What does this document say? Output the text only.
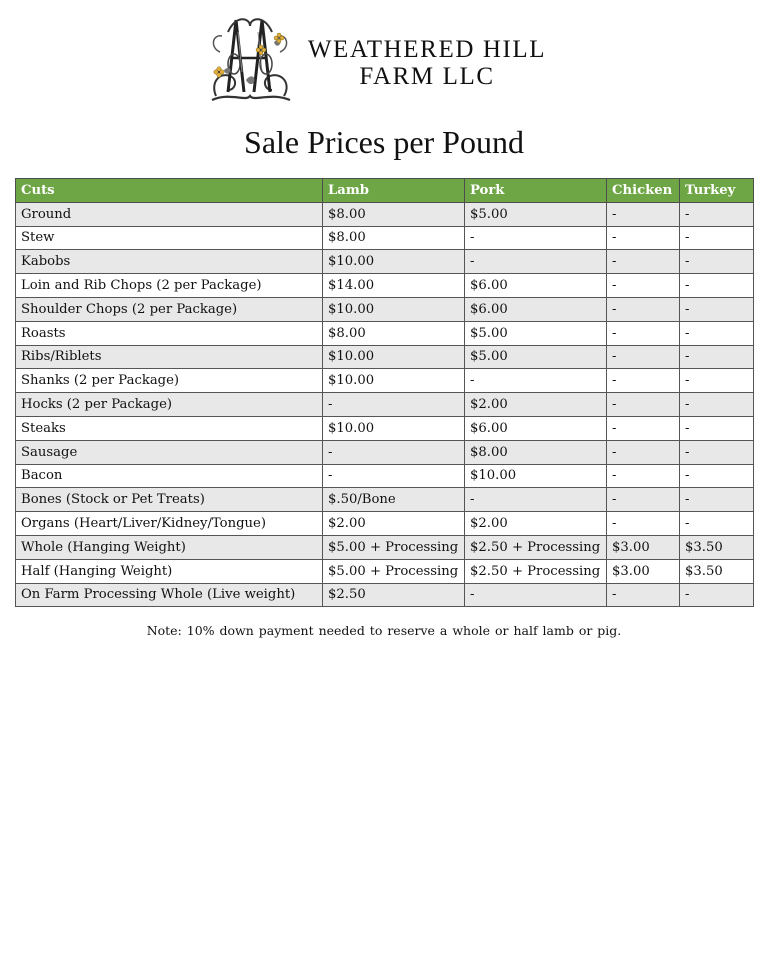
WEATHERED HILL
FARM LLC
Sale Prices per Pound
Cuts	Lamb	Pork	Chicken	Turkey
Ground	$8.00	$5.00	-	-
Stew	$8.00	-	-	-
Kabobs	$10.00	-	-	-
Loin and Rib Chops (2 per Package)	$14.00	$6.00	-	-
Shoulder Chops (2 per Package)	$10.00	$6.00	-	-
Roasts	$8.00	$5.00	-	-
Ribs/Riblets	$10.00	$5.00	-	-
Shanks (2 per Package)	$10.00	-	-	-
Hocks (2 per Package)	-	$2.00	-	-
Steaks	$10.00	$6.00	-	-
Sausage	-	$8.00	-	-
Bacon	-	$10.00	-	-
Bones (Stock or Pet Treats)	$.50/Bone	-	-	-
Organs (Heart/Liver/Kidney/Tongue)	$2.00	$2.00	-	-
Whole (Hanging Weight)	$5.00 + Processing	$2.50 + Processing	$3.00	$3.50
Half (Hanging Weight)	$5.00 + Processing	$2.50 + Processing	$3.00	$3.50
On Farm Processing Whole (Live weight)	$2.50	-	-	-
Note: 10% down payment needed to reserve a whole or half lamb or pig.
